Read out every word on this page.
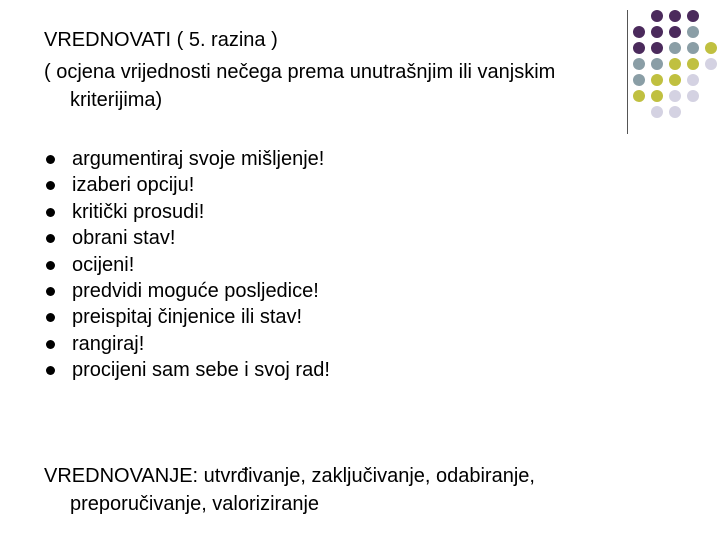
VREDNOVATI ( 5. razina )
( ocjena vrijednosti nečega prema unutrašnjim ili vanjskim
kriterijima)
argumentiraj svoje mišljenje!
izaberi opciju!
kritički prosudi!
obrani stav!
ocijeni!
predvidi moguće posljedice!
preispitaj činjenice ili stav!
rangiraj!
procijeni sam sebe i svoj rad!
VREDNOVANJE: utvrđivanje, zaključivanje, odabiranje,
preporučivanje, valoriziranje
